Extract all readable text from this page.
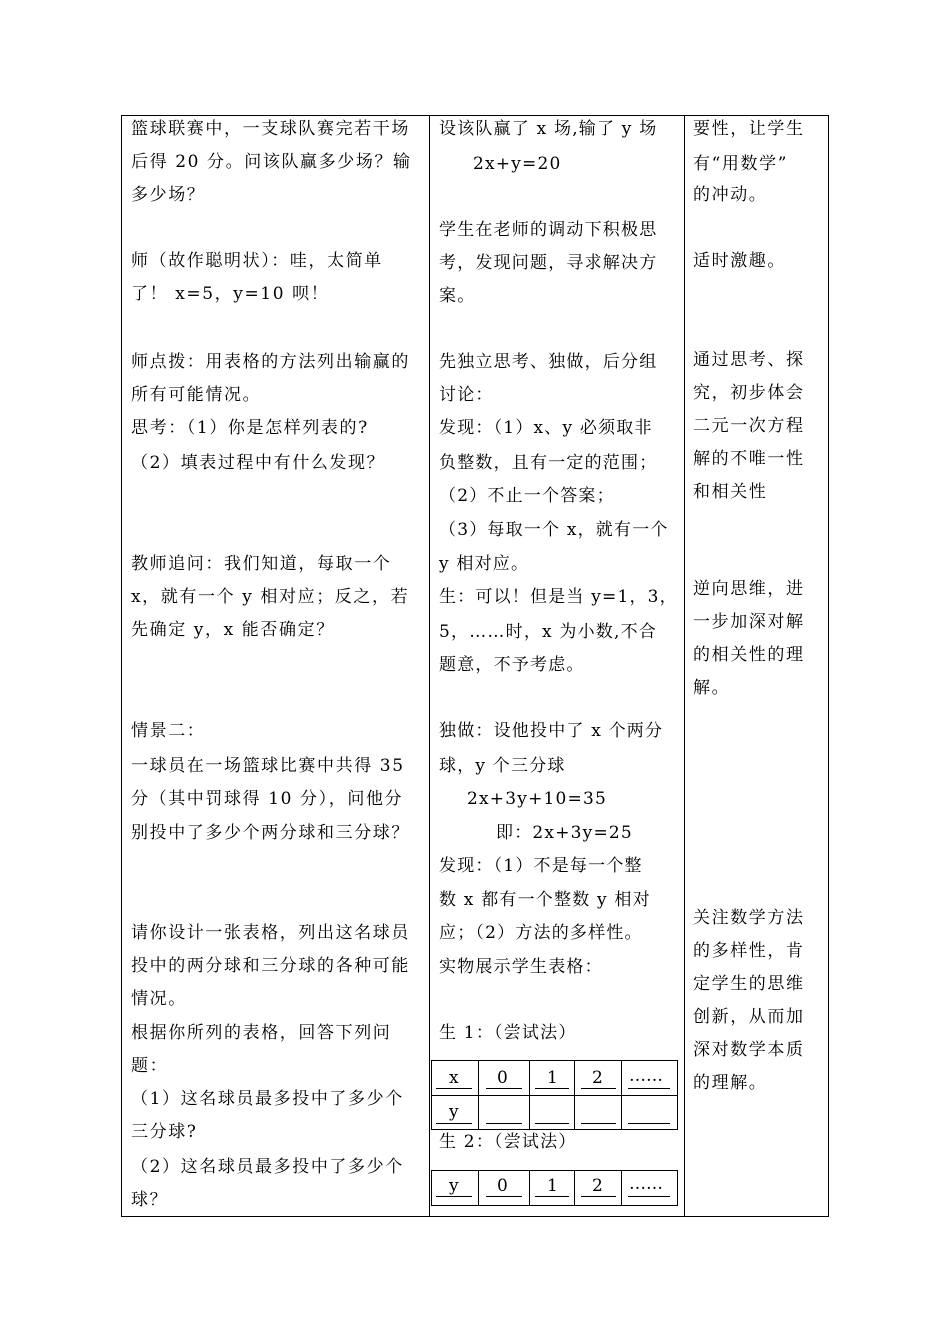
篮球联赛中，一支球队赛完若干场
后得 20 分。问该队赢多少场？输
多少场？
师（故作聪明状）：哇，太简单
了！ x=5，y=10 呗！
师点拨：用表格的方法列出输赢的
所有可能情况。
思考：（1）你是怎样列表的?
（2）填表过程中有什么发现？
教师追问：我们知道，每取一个
x，就有一个 y 相对应；反之，若
先确定 y，x 能否确定？
情景二：
一球员在一场篮球比赛中共得 35
分（其中罚球得 10 分），问他分
别投中了多少个两分球和三分球？
请你设计一张表格，列出这名球员
投中的两分球和三分球的各种可能
情况。
根据你所列的表格，回答下列问
题：
（1）这名球员最多投中了多少个
三分球?
（2）这名球员最多投中了多少个
球？
设该队赢了 x 场,输了 y 场
2x+y=20
学生在老师的调动下积极思
考，发现问题，寻求解决方
案。
先独立思考、独做，后分组
讨论：
发现：（1）x、y 必须取非
负整数，且有一定的范围；
（2）不止一个答案；
（3）每取一个 x，就有一个
y 相对应。
生：可以！但是当 y=1，3，
5，……时，x 为小数,不合
题意，不予考虑。
独做：设他投中了 x 个两分
球，y 个三分球
2x+3y+10=35
即：2x+3y=25
发现：（1）不是每一个整
数 x 都有一个整数 y 相对
应；（2）方法的多样性。
实物展示学生表格：
生 1：（尝试法）
生 2：（尝试法）
x 0 1 2 ……
y
y 0 1 2 ……
要性，让学生
有“用数学”
的冲动。
适时激趣。
通过思考、探
究，初步体会
二元一次方程
解的不唯一性
和相关性
逆向思维，进
一步加深对解
的相关性的理
解。
关注数学方法
的多样性，肯
定学生的思维
创新，从而加
深对数学本质
的理解。
